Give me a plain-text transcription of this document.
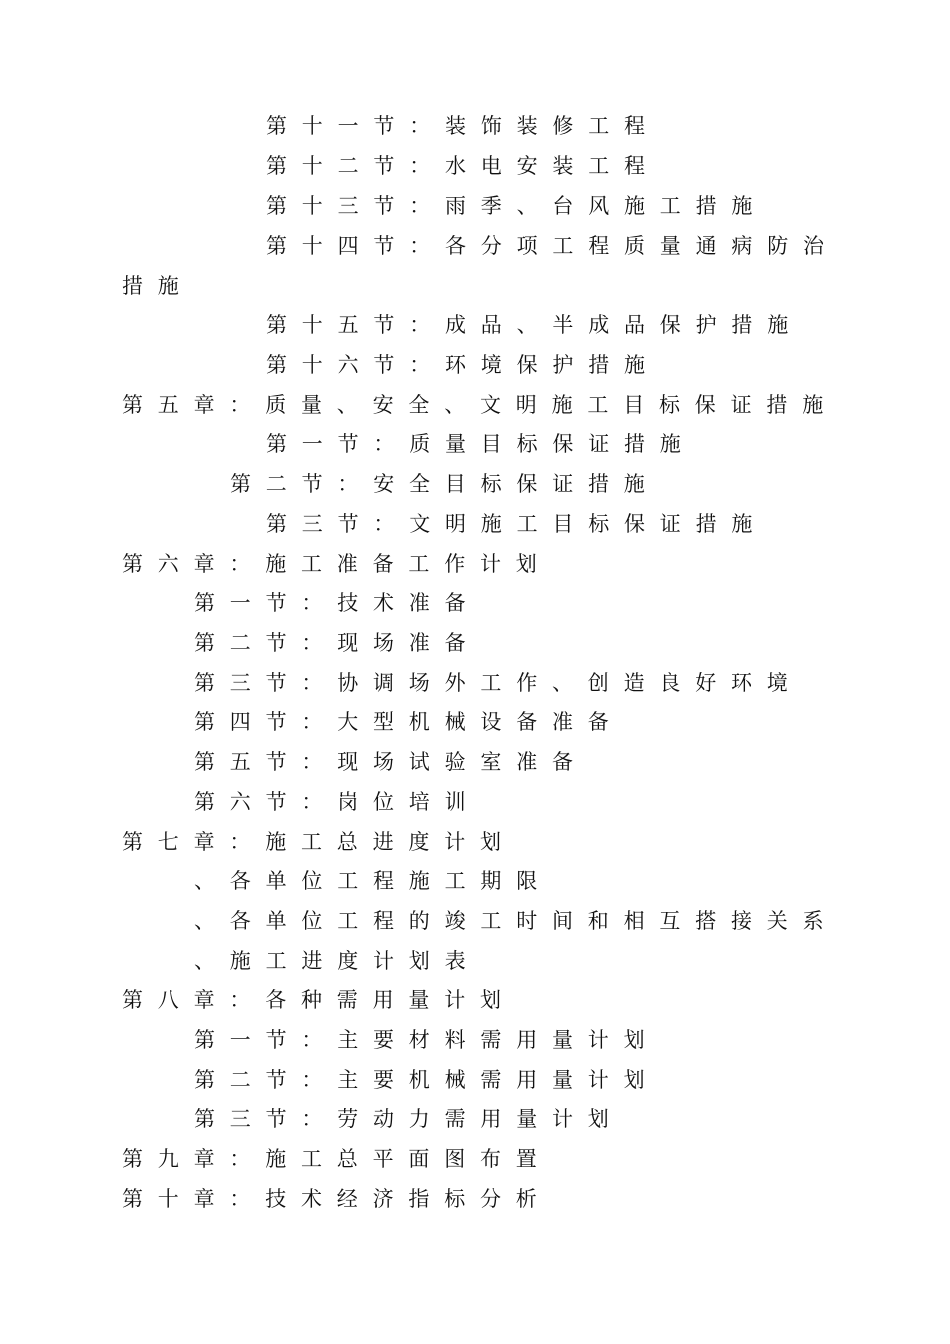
第十一节：装饰装修工程
第十二节：水电安装工程
第十三节：雨季、台风施工措施
第十四节：各分项工程质量通病防治
措施
第十五节：成品、半成品保护措施
第十六节：环境保护措施
第五章：质量、安全、文明施工目标保证措施
第一节：质量目标保证措施
第二节：安全目标保证措施
第三节：文明施工目标保证措施
第六章：施工准备工作计划
第一节：技术准备
第二节：现场准备
第三节：协调场外工作、创造良好环境
第四节：大型机械设备准备
第五节：现场试验室准备
第六节：岗位培训
第七章：施工总进度计划
、各单位工程施工期限
、各单位工程的竣工时间和相互搭接关系
、施工进度计划表
第八章：各种需用量计划
第一节：主要材料需用量计划
第二节：主要机械需用量计划
第三节：劳动力需用量计划
第九章：施工总平面图布置
第十章：技术经济指标分析
